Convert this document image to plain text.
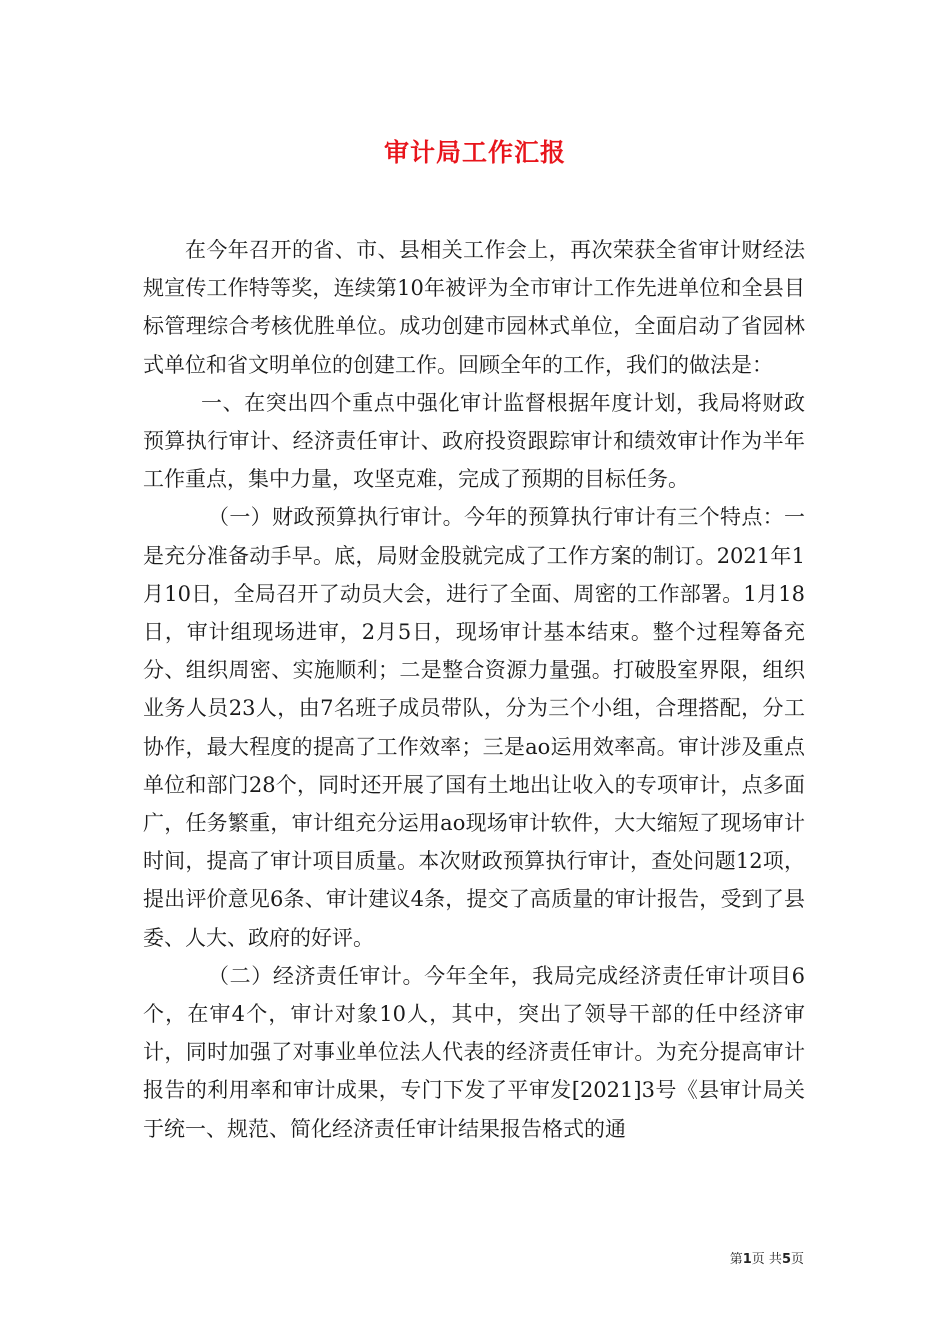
审计局工作汇报

在今年召开的省、市、县相关工作会上，再次荣获全省审计财经法规宣传工作特等奖，连续第10年被评为全市审计工作先进单位和全县目标管理综合考核优胜单位。成功创建市园林式单位，全面启动了省园林式单位和省文明单位的创建工作。回顾全年的工作，我们的做法是：

一、在突出四个重点中强化审计监督根据年度计划，我局将财政预算执行审计、经济责任审计、政府投资跟踪审计和绩效审计作为半年工作重点，集中力量，攻坚克难，完成了预期的目标任务。

（一）财政预算执行审计。今年的预算执行审计有三个特点：一是充分准备动手早。底，局财金股就完成了工作方案的制订。2021年1月10日，全局召开了动员大会，进行了全面、周密的工作部署。1月18日，审计组现场进审，2月5日，现场审计基本结束。整个过程筹备充分、组织周密、实施顺利；二是整合资源力量强。打破股室界限，组织业务人员23人，由7名班子成员带队，分为三个小组，合理搭配，分工协作，最大程度的提高了工作效率；三是ao运用效率高。审计涉及重点单位和部门28个，同时还开展了国有土地出让收入的专项审计，点多面广，任务繁重，审计组充分运用ao现场审计软件，大大缩短了现场审计时间，提高了审计项目质量。本次财政预算执行审计，查处问题12项，提出评价意见6条、审计建议4条，提交了高质量的审计报告，受到了县委、人大、政府的好评。

（二）经济责任审计。今年全年，我局完成经济责任审计项目6个，在审4个，审计对象10人，其中，突出了领导干部的任中经济审计，同时加强了对事业单位法人代表的经济责任审计。为充分提高审计报告的利用率和审计成果，专门下发了平审发[2021]3号《县审计局关于统一、规范、简化经济责任审计结果报告格式的通

第1页 共5页
